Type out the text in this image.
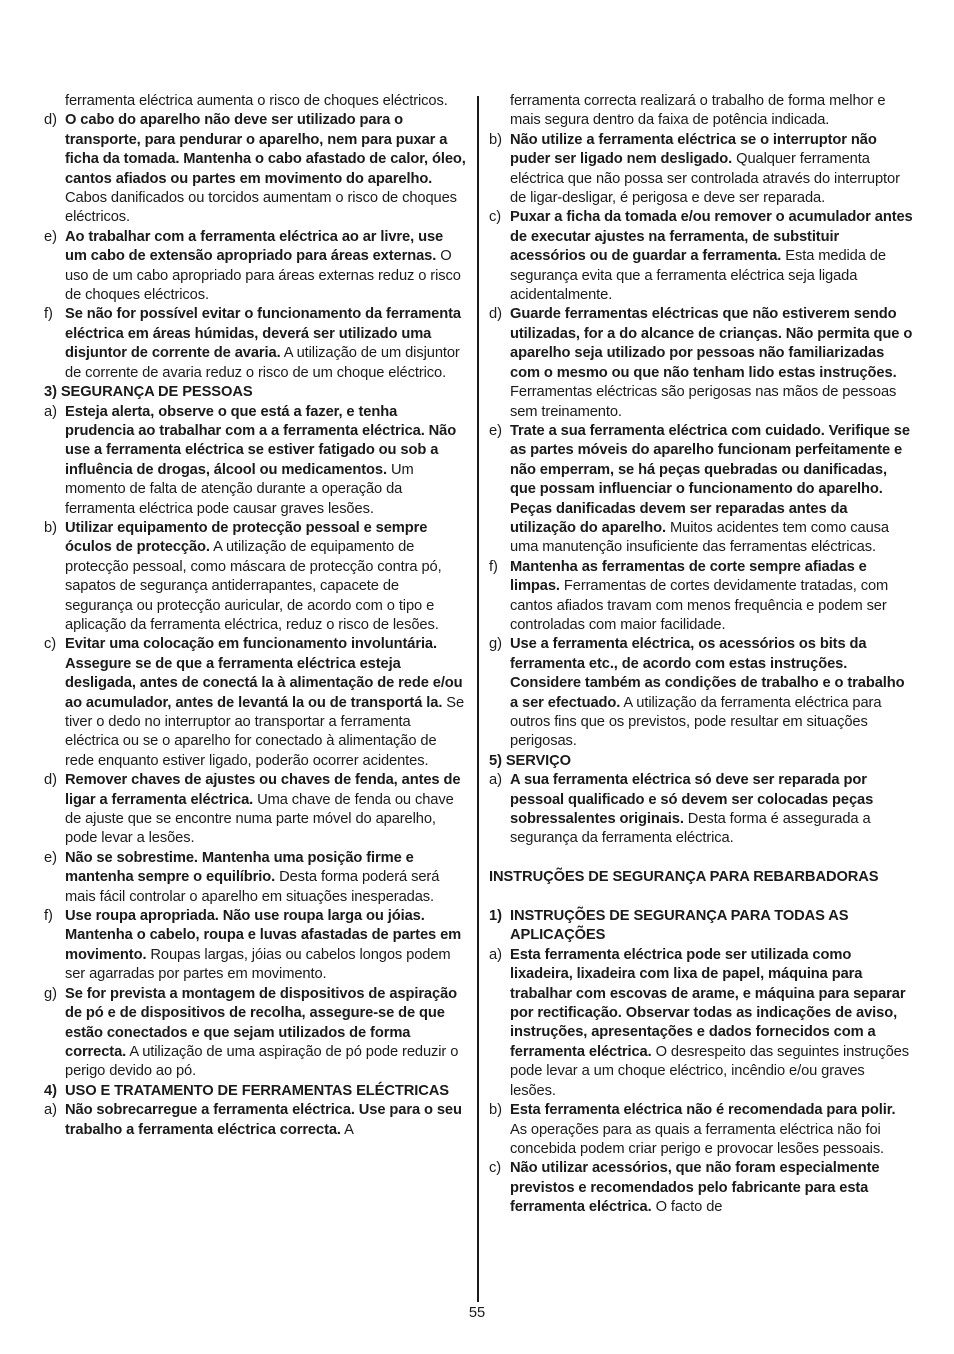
ferramenta eléctrica aumenta o risco de choques eléctricos.
d) O cabo do aparelho não deve ser utilizado para o transporte, para pendurar o aparelho, nem para puxar a ficha da tomada. Mantenha o cabo afastado de calor, óleo, cantos afiados ou partes em movimento do aparelho. Cabos danificados ou torcidos aumentam o risco de choques eléctricos.
e) Ao trabalhar com a ferramenta eléctrica ao ar livre, use um cabo de extensão apropriado para áreas externas. O uso de um cabo apropriado para áreas externas reduz o risco de choques eléctricos.
f) Se não for possível evitar o funcionamento da ferramenta eléctrica em áreas húmidas, deverá ser utilizado uma disjuntor de corrente de avaria. A utilização de um disjuntor de corrente de avaria reduz o risco de um choque eléctrico.
3) SEGURANÇA DE PESSOAS
a) Esteja alerta, observe o que está a fazer, e tenha prudencia ao trabalhar com a a ferramenta eléctrica. Não use a ferramenta eléctrica se estiver fatigado ou sob a influência de drogas, álcool ou medicamentos. Um momento de falta de atenção durante a operação da ferramenta eléctrica pode causar graves lesões.
b) Utilizar equipamento de protecção pessoal e sempre óculos de protecção. A utilização de equipamento de protecção pessoal, como máscara de protecção contra pó, sapatos de segurança antiderrapantes, capacete de segurança ou protecção auricular, de acordo com o tipo e aplicação da ferramenta eléctrica, reduz o risco de lesões.
c) Evitar uma colocação em funcionamento involuntária. Assegure se de que a ferramenta eléctrica esteja desligada, antes de conectá la à alimentação de rede e/ou ao acumulador, antes de levantá la ou de transportá la. Se tiver o dedo no interruptor ao transportar a ferramenta eléctrica ou se o aparelho for conectado à alimentação de rede enquanto estiver ligado, poderão ocorrer acidentes.
d) Remover chaves de ajustes ou chaves de fenda, antes de ligar a ferramenta eléctrica. Uma chave de fenda ou chave de ajuste que se encontre numa parte móvel do aparelho, pode levar a lesões.
e) Não se sobrestime. Mantenha uma posição firme e mantenha sempre o equilíbrio. Desta forma poderá será mais fácil controlar o aparelho em situações inesperadas.
f) Use roupa apropriada. Não use roupa larga ou jóias. Mantenha o cabelo, roupa e luvas afastadas de partes em movimento. Roupas largas, jóias ou cabelos longos podem ser agarradas por partes em movimento.
g) Se for prevista a montagem de dispositivos de aspiração de pó e de dispositivos de recolha, assegure-se de que estão conectados e que sejam utilizados de forma correcta. A utilização de uma aspiração de pó pode reduzir o perigo devido ao pó.
4) USO E TRATAMENTO DE FERRAMENTAS ELÉCTRICAS
a) Não sobrecarregue a ferramenta eléctrica. Use para o seu trabalho a ferramenta eléctrica correcta. A
ferramenta correcta realizará o trabalho de forma melhor e mais segura dentro da faixa de potência indicada.
b) Não utilize a ferramenta eléctrica se o interruptor não puder ser ligado nem desligado. Qualquer ferramenta eléctrica que não possa ser controlada através do interruptor de ligar-desligar, é perigosa e deve ser reparada.
c) Puxar a ficha da tomada e/ou remover o acumulador antes de executar ajustes na ferramenta, de substituir acessórios ou de guardar a ferramenta. Esta medida de segurança evita que a ferramenta eléctrica seja ligada acidentalmente.
d) Guarde ferramentas eléctricas que não estiverem sendo utilizadas, for a do alcance de crianças. Não permita que o aparelho seja utilizado por pessoas não familiarizadas com o mesmo ou que não tenham lido estas instruções. Ferramentas eléctricas são perigosas nas mãos de pessoas sem treinamento.
e) Trate a sua ferramenta eléctrica com cuidado. Verifique se as partes móveis do aparelho funcionam perfeitamente e não emperram, se há peças quebradas ou danificadas, que possam influenciar o funcionamento do aparelho. Peças danificadas devem ser reparadas antes da utilização do aparelho. Muitos acidentes tem como causa uma manutenção insuficiente das ferramentas eléctricas.
f) Mantenha as ferramentas de corte sempre afiadas e limpas. Ferramentas de cortes devidamente tratadas, com cantos afiados travam com menos frequência e podem ser controladas com maior facilidade.
g) Use a ferramenta eléctrica, os acessórios os bits da ferramenta etc., de acordo com estas instruções. Considere também as condições de trabalho e o trabalho a ser efectuado. A utilização da ferramenta eléctrica para outros fins que os previstos, pode resultar em situações perigosas.
5) SERVIÇO
a) A sua ferramenta eléctrica só deve ser reparada por pessoal qualificado e só devem ser colocadas peças sobressalentes originais. Desta forma é assegurada a segurança da ferramenta eléctrica.
INSTRUÇÕES DE SEGURANÇA PARA REBARBADORAS
1) INSTRUÇÕES DE SEGURANÇA PARA TODAS AS APLICAÇÕES
a) Esta ferramenta eléctrica pode ser utilizada como lixadeira, lixadeira com lixa de papel, máquina para trabalhar com escovas de arame, e máquina para separar por rectificação. Observar todas as indicações de aviso, instruções, apresentações e dados fornecidos com a ferramenta eléctrica. O desrespeito das seguintes instruções pode levar a um choque eléctrico, incêndio e/ou graves lesões.
b) Esta ferramenta eléctrica não é recomendada para polir. As operações para as quais a ferramenta eléctrica não foi concebida podem criar perigo e provocar lesões pessoais.
c) Não utilizar acessórios, que não foram especialmente previstos e recomendados pelo fabricante para esta ferramenta eléctrica. O facto de
55
